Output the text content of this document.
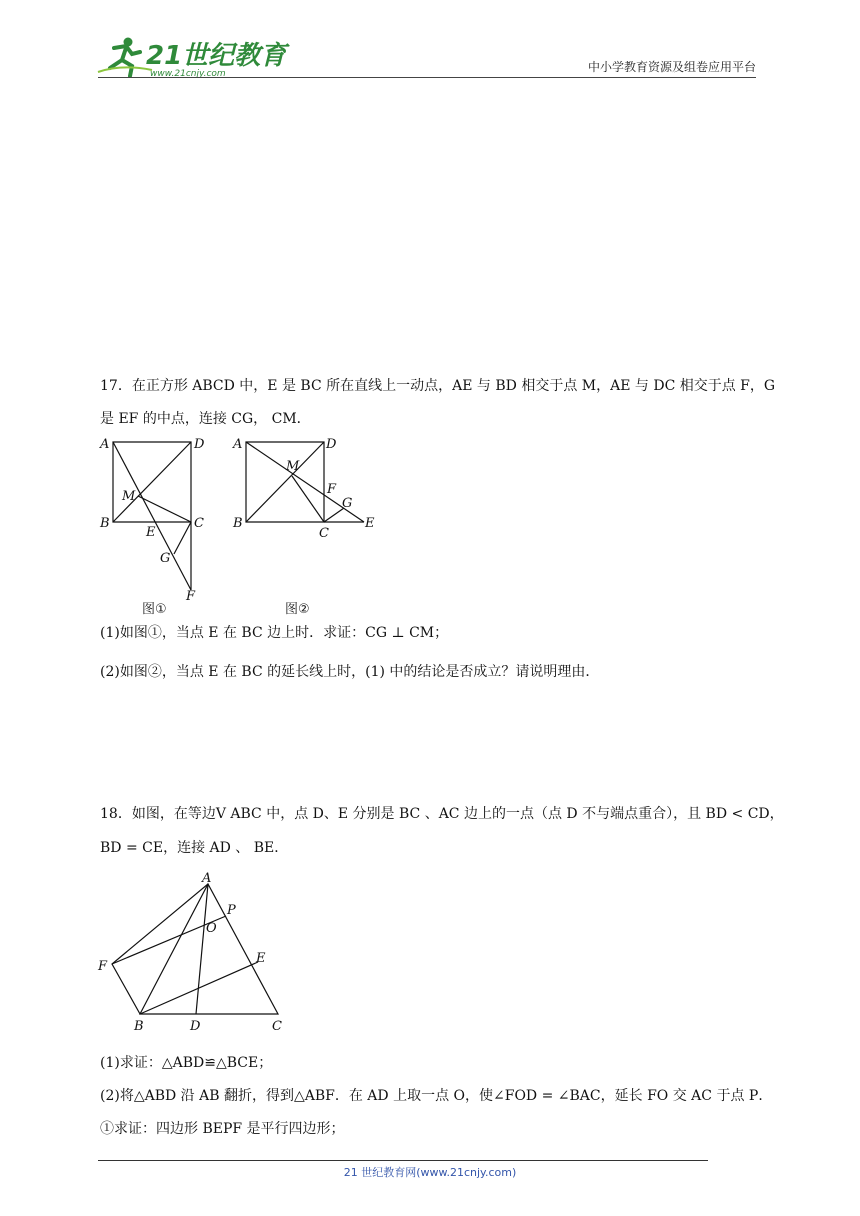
21世纪教育
www.21cnjy.com	中小学教育资源及组卷应用平台
17．在正方形 ABCD 中，E 是 BC 所在直线上一动点，AE 与 BD 相交于点 M，AE 与 DC 相交于点 F，G
是 EF 的中点，连接 CG， CM．
A	D
M
B
E
C
G
F
图①
A	D
M
F
G
B
C
E
图②
(1)如图①，当点 E 在 BC 边上时．求证：CG ⊥ CM；
(2)如图②，当点 E 在 BC 的延长线上时，(1) 中的结论是否成立？请说明理由．
18．如图，在等边V ABC 中，点 D、E 分别是 BC 、AC 边上的一点（点 D 不与端点重合），且 BD < CD，
BD = CE，连接 AD 、 BE．
A
P
O
F
E
B	D	C
(1)求证：△ABD≌△BCE；
(2)将△ABD 沿 AB 翻折，得到△ABF．在 AD 上取一点 O，使∠FOD = ∠BAC，延长 FO 交 AC 于点 P．
①求证：四边形 BEPF 是平行四边形；
21 世纪教育网(www.21cnjy.com)
